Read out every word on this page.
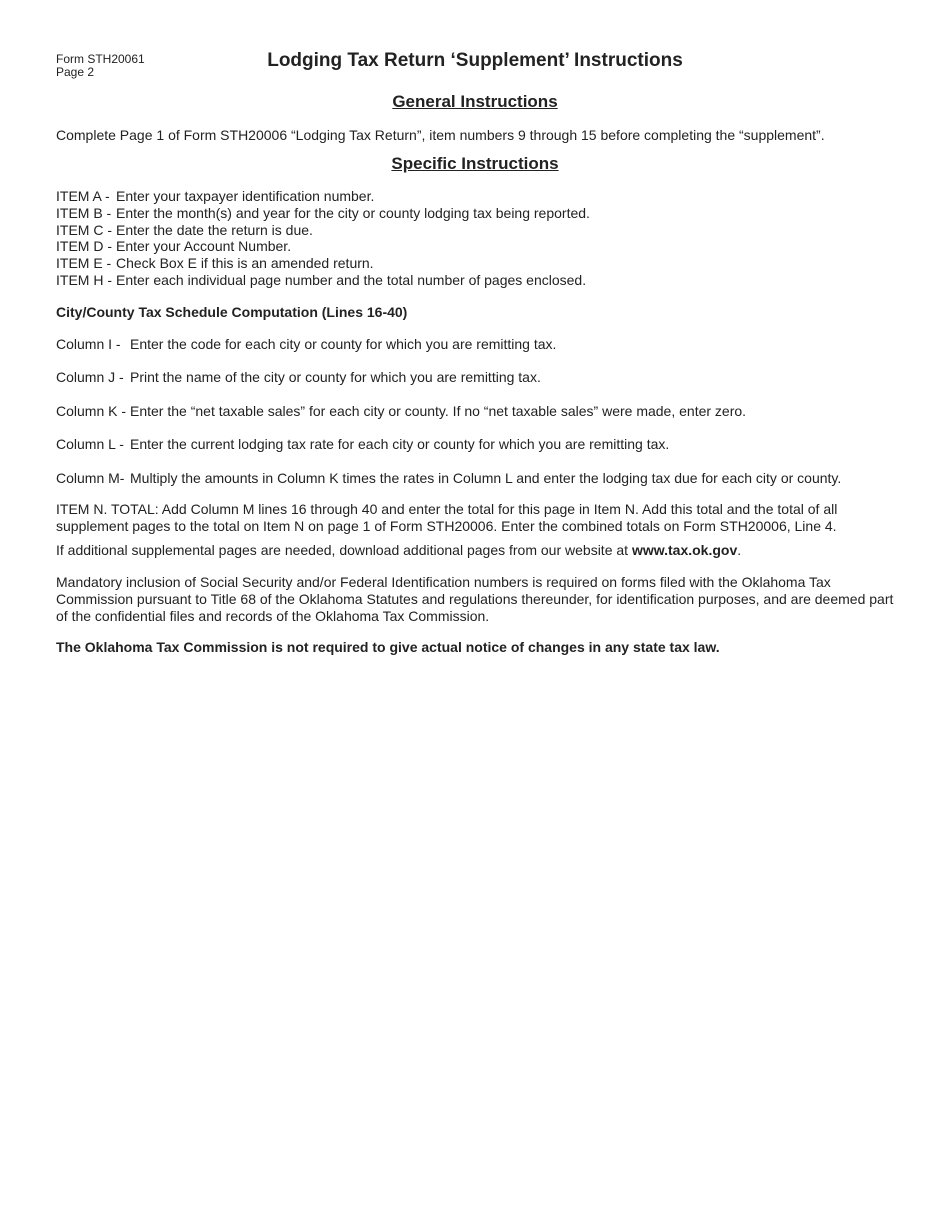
Form STH20061
Page 2
Lodging Tax Return ‘Supplement’ Instructions
General Instructions
Complete Page 1 of Form STH20006 “Lodging Tax Return”, item numbers 9 through 15 before completing the “supplement”.
Specific Instructions
ITEM A - Enter your taxpayer identification number.
ITEM B - Enter the month(s) and year for the city or county lodging tax being reported.
ITEM C - Enter the date the return is due.
ITEM D - Enter your Account Number.
ITEM E - Check Box E if this is an amended return.
ITEM H - Enter each individual page number and the total number of pages enclosed.
City/County Tax Schedule Computation (Lines 16-40)
Column I - Enter the code for each city or county for which you are remitting tax.
Column J - Print the name of the city or county for which you are remitting tax.
Column K - Enter the “net taxable sales” for each city or county. If no “net taxable sales” were made, enter zero.
Column L - Enter the current lodging tax rate for each city or county for which you are remitting tax.
Column M- Multiply the amounts in Column K times the rates in Column L and enter the lodging tax due for each city or county.
ITEM N. TOTAL: Add Column M lines 16 through 40 and enter the total for this page in Item N. Add this total and the total of all supplement pages to the total on Item N on page 1 of Form STH20006. Enter the combined totals on Form STH20006, Line 4.
If additional supplemental pages are needed, download additional pages from our website at www.tax.ok.gov.
Mandatory inclusion of Social Security and/or Federal Identification numbers is required on forms filed with the Oklahoma Tax Commission pursuant to Title 68 of the Oklahoma Statutes and regulations thereunder, for identification purposes, and are deemed part of the confidential files and records of the Oklahoma Tax Commission.
The Oklahoma Tax Commission is not required to give actual notice of changes in any state tax law.
